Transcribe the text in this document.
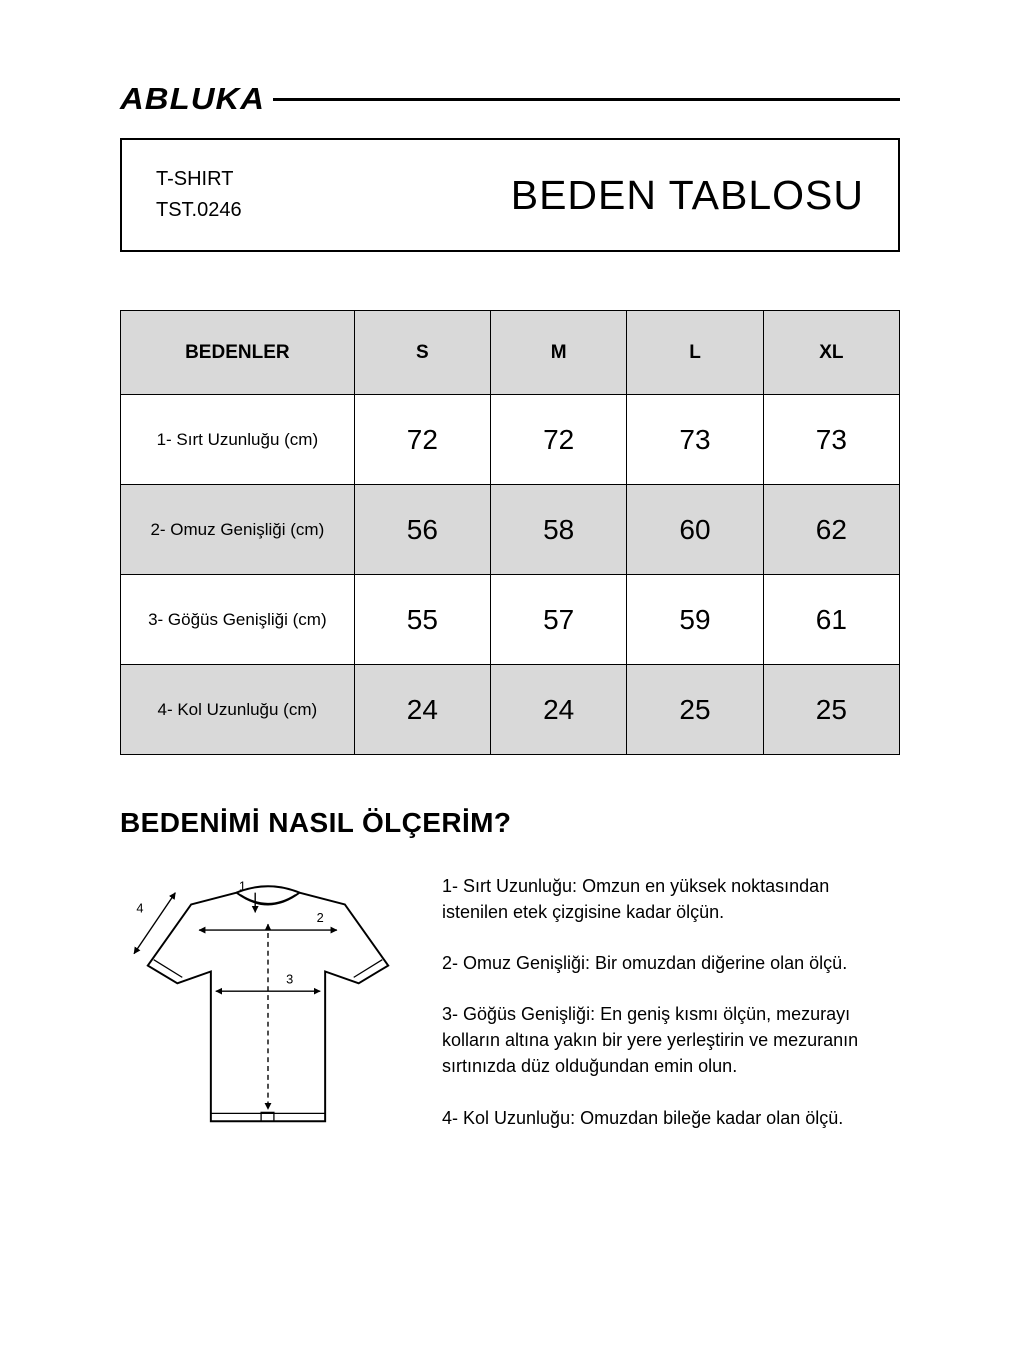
ABLUKA
T-SHIRT
TST.0246	BEDEN TABLOSU
BEDENLER	S	M	L	XL
1- Sırt Uzunluğu (cm)	72	72	73	73
2- Omuz Genişliği (cm)	56	58	60	62
3- Göğüs Genişliği (cm)	55	57	59	61
4- Kol Uzunluğu (cm)	24	24	25	25
BEDENİMİ NASIL ÖLÇERİM?
1
2
3
4

1- Sırt Uzunluğu: Omzun en yüksek noktasından istenilen etek çizgisine kadar ölçün.

2- Omuz Genişliği: Bir omuzdan diğerine olan ölçü.

3- Göğüs Genişliği: En geniş kısmı ölçün, mezurayı kolların altına yakın bir yere yerleştirin ve mezuranın sırtınızda düz olduğundan emin olun.

4- Kol Uzunluğu: Omuzdan bileğe kadar olan ölçü.
